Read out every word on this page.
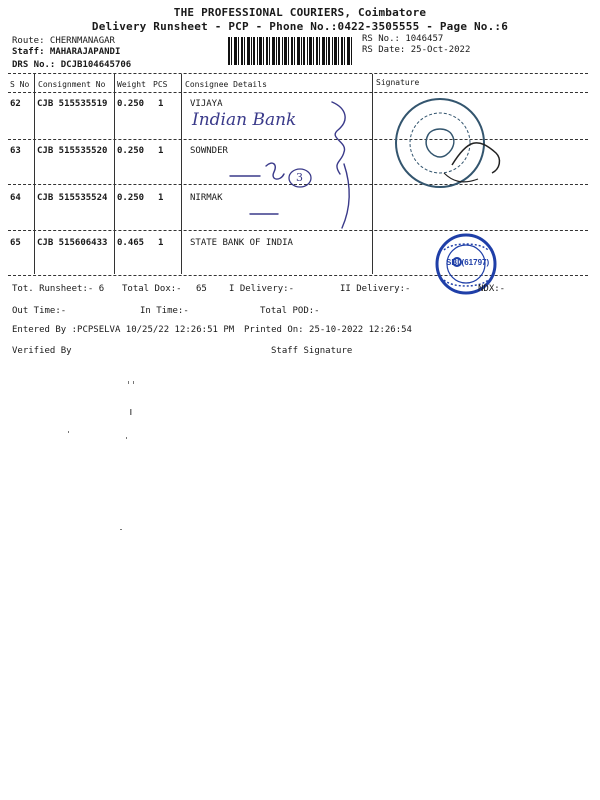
THE PROFESSIONAL COURIERS, Coimbatore
Delivery Runsheet - PCP - Phone No.:0422-3505555 - Page No.:6
Route: CHERNMANAGAR
Staff: MAHARAJAPANDI
DRS No.: DCJB104645706
RS No.: 1046457
RS Date: 25-Oct-2022
S No Consignment No Weight PCS Consignee Details	Signature
62 CJB 515535519 0.250 1	VIJAYA
63 CJB 515535520 0.250 1	SOWNDER
64 CJB 515535524 0.250 1	NIRMAK
65 CJB 515606433 0.465 1	STATE BANK OF INDIA
Indian Bank
3
SBI (61797)
Tot. Runsheet:- 6 Total Dox:- 65 I Delivery:-	II Delivery:-	NDX:-
Out Time:-	In Time:-	Total POD:-
Entered By :PCPSELVA 10/25/22 12:26:51 PM Printed On: 25-10-2022 12:26:54
Verified By	Staff Signature
